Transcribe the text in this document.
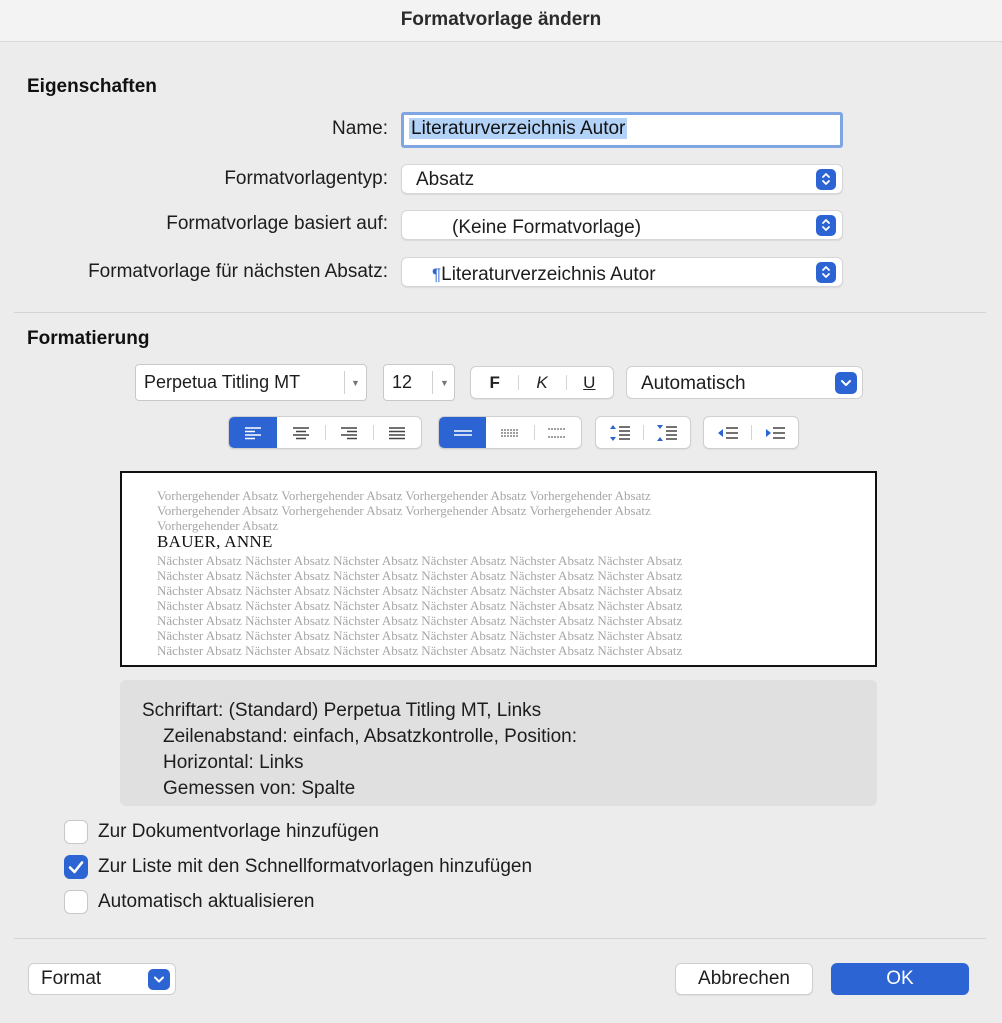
Formatvorlage ändern
Eigenschaften
Name:	Literaturverzeichnis Autor
Formatvorlagentyp: Absatz
Formatvorlage basiert auf:	(Keine Formatvorlage)
Formatvorlage für nächsten Absatz:	¶Literaturverzeichnis Autor
Formatierung
Perpetua Titling MT	▼ 12	▼ F K U Automatisch
Vorhergehender Absatz Vorhergehender Absatz Vorhergehender Absatz Vorhergehender Absatz
Vorhergehender Absatz Vorhergehender Absatz Vorhergehender Absatz Vorhergehender Absatz
Vorhergehender Absatz
BAUER, ANNE
Nächster Absatz Nächster Absatz Nächster Absatz Nächster Absatz Nächster Absatz Nächster Absatz
Nächster Absatz Nächster Absatz Nächster Absatz Nächster Absatz Nächster Absatz Nächster Absatz
Nächster Absatz Nächster Absatz Nächster Absatz Nächster Absatz Nächster Absatz Nächster Absatz
Nächster Absatz Nächster Absatz Nächster Absatz Nächster Absatz Nächster Absatz Nächster Absatz
Nächster Absatz Nächster Absatz Nächster Absatz Nächster Absatz Nächster Absatz Nächster Absatz
Nächster Absatz Nächster Absatz Nächster Absatz Nächster Absatz Nächster Absatz Nächster Absatz
Nächster Absatz Nächster Absatz Nächster Absatz Nächster Absatz Nächster Absatz Nächster Absatz
Schriftart: (Standard) Perpetua Titling MT, Links
Zeilenabstand: einfach, Absatzkontrolle, Position:
Horizontal: Links
Gemessen von: Spalte
Zur Dokumentvorlage hinzufügen
Zur Liste mit den Schnellformatvorlagen hinzufügen
Automatisch aktualisieren
Format	Abbrechen	OK
